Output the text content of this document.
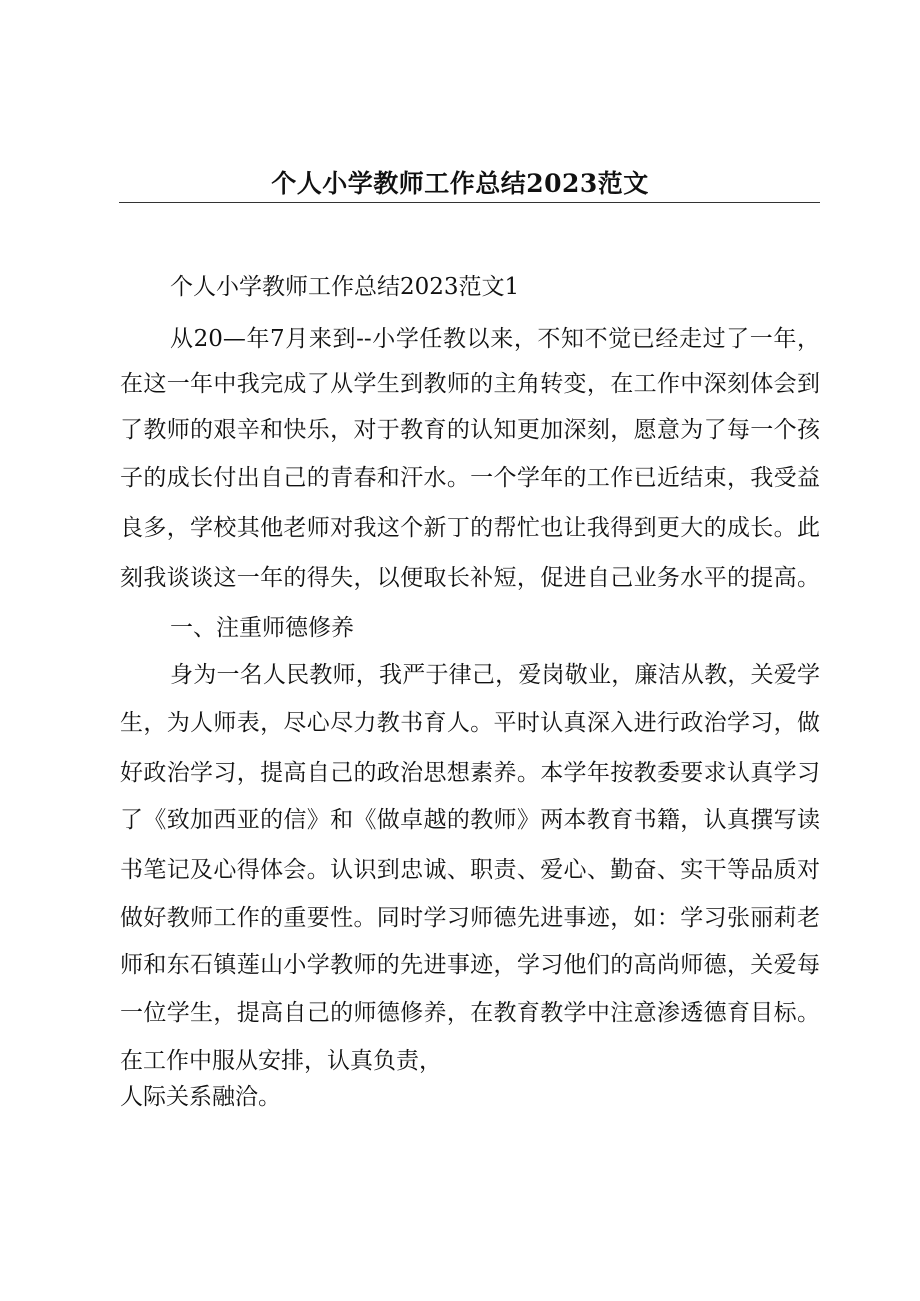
个人小学教师工作总结2023范文

个人小学教师工作总结2023范文1

从20—年7月来到--小学任教以来，不知不觉已经走过了一年，

在这一年中我完成了从学生到教师的主角转变，在工作中深刻体会到

了教师的艰辛和快乐，对于教育的认知更加深刻，愿意为了每一个孩

子的成长付出自己的青春和汗水。一个学年的工作已近结束，我受益

良多，学校其他老师对我这个新丁的帮忙也让我得到更大的成长。此

刻我谈谈这一年的得失，以便取长补短，促进自己业务水平的提高。

一、注重师德修养

身为一名人民教师，我严于律己，爱岗敬业，廉洁从教，关爱学

生，为人师表，尽心尽力教书育人。平时认真深入进行政治学习，做

好政治学习，提高自己的政治思想素养。本学年按教委要求认真学习

了《致加西亚的信》和《做卓越的教师》两本教育书籍，认真撰写读

书笔记及心得体会。认识到忠诚、职责、爱心、勤奋、实干等品质对

做好教师工作的重要性。同时学习师德先进事迹，如：学习张丽莉老

师和东石镇莲山小学教师的先进事迹，学习他们的高尚师德，关爱每

一位学生，提高自己的师德修养，在教育教学中注意渗透德育目标。

在工作中服从安排，认真负责，

人际关系融洽。
